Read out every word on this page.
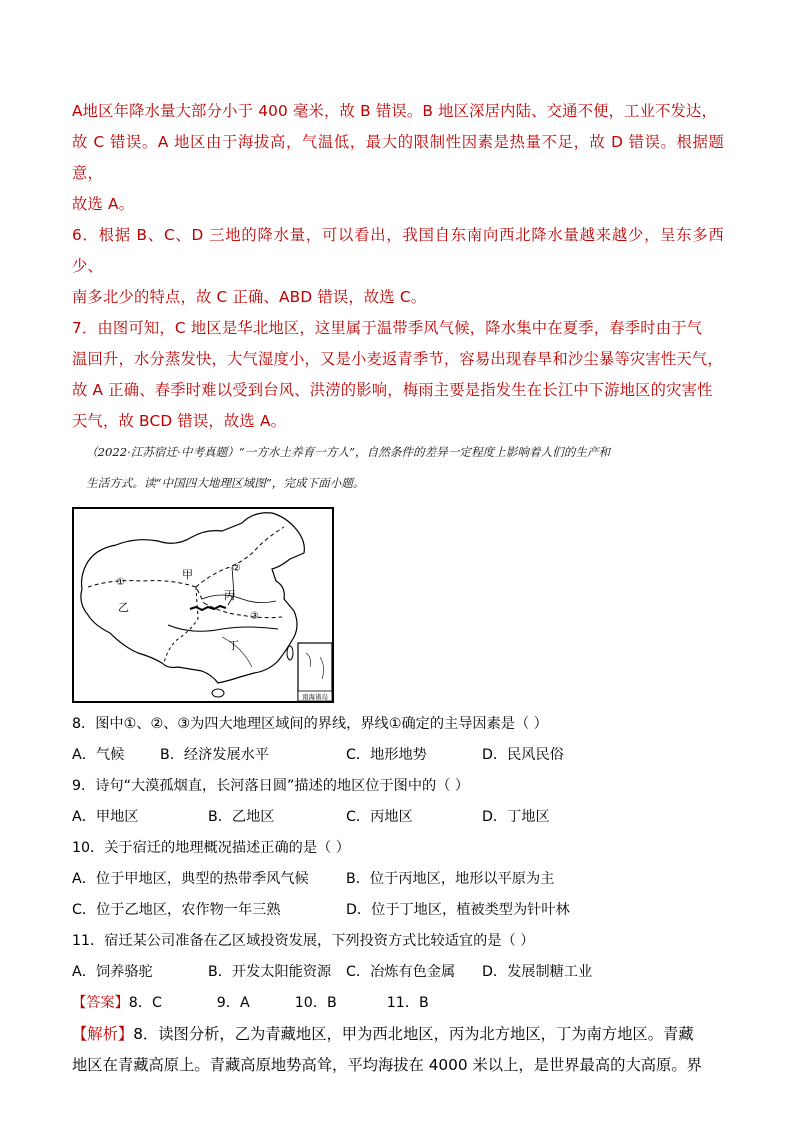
A地区年降水量大部分小于 400 毫米，故 B 错误。B 地区深居内陆、交通不便，工业不发达，

故 C 错误。A 地区由于海拔高，气温低，最大的限制性因素是热量不足，故 D 错误。根据题意，

故选 A。

6．根据 B、C、D 三地的降水量，可以看出，我国自东南向西北降水量越来越少，呈东多西少、

南多北少的特点，故 C 正确、ABD 错误，故选 C。

7．由图可知，C 地区是华北地区，这里属于温带季风气候，降水集中在夏季，春季时由于气

温回升，水分蒸发快，大气湿度小，又是小麦返青季节，容易出现春旱和沙尘暴等灾害性天气，

故 A 正确、春季时难以受到台风、洪涝的影响，梅雨主要是指发生在长江中下游地区的灾害性

天气，故 BCD 错误，故选 A。

（2022·江苏宿迁·中考真题）“一方水土养育一方人”，自然条件的差异一定程度上影响着人们的生产和

生活方式。读“中国四大地理区域图”，完成下面小题。

南海诸岛
甲
乙
丙
丁
①
②
③

8．图中①、②、③为四大地理区域间的界线，界线①确定的主导因素是（ ）

A．气候	B．经济发展水平	C．地形地势	D．民风民俗

9．诗句“大漠孤烟直，长河落日圆”描述的地区位于图中的（ ）

A．甲地区	B．乙地区	C．丙地区	D．丁地区

10．关于宿迁的地理概况描述正确的是（ ）

A．位于甲地区，典型的热带季风气候	B．位于丙地区，地形以平原为主
C．位于乙地区，农作物一年三熟	D．位于丁地区，植被类型为针叶林

11．宿迁某公司准备在乙区域投资发展，下列投资方式比较适宜的是（ ）

A．饲养骆驼	B．开发太阳能资源	C．冶炼有色金属	D．发展制糖工业
【答案】 8．C	9．A	10．B	11．B

【解析】8．读图分析，乙为青藏地区，甲为西北地区，丙为北方地区，丁为南方地区。青藏

地区在青藏高原上。青藏高原地势高耸，平均海拔在 4000 米以上，是世界最高的大高原。界
